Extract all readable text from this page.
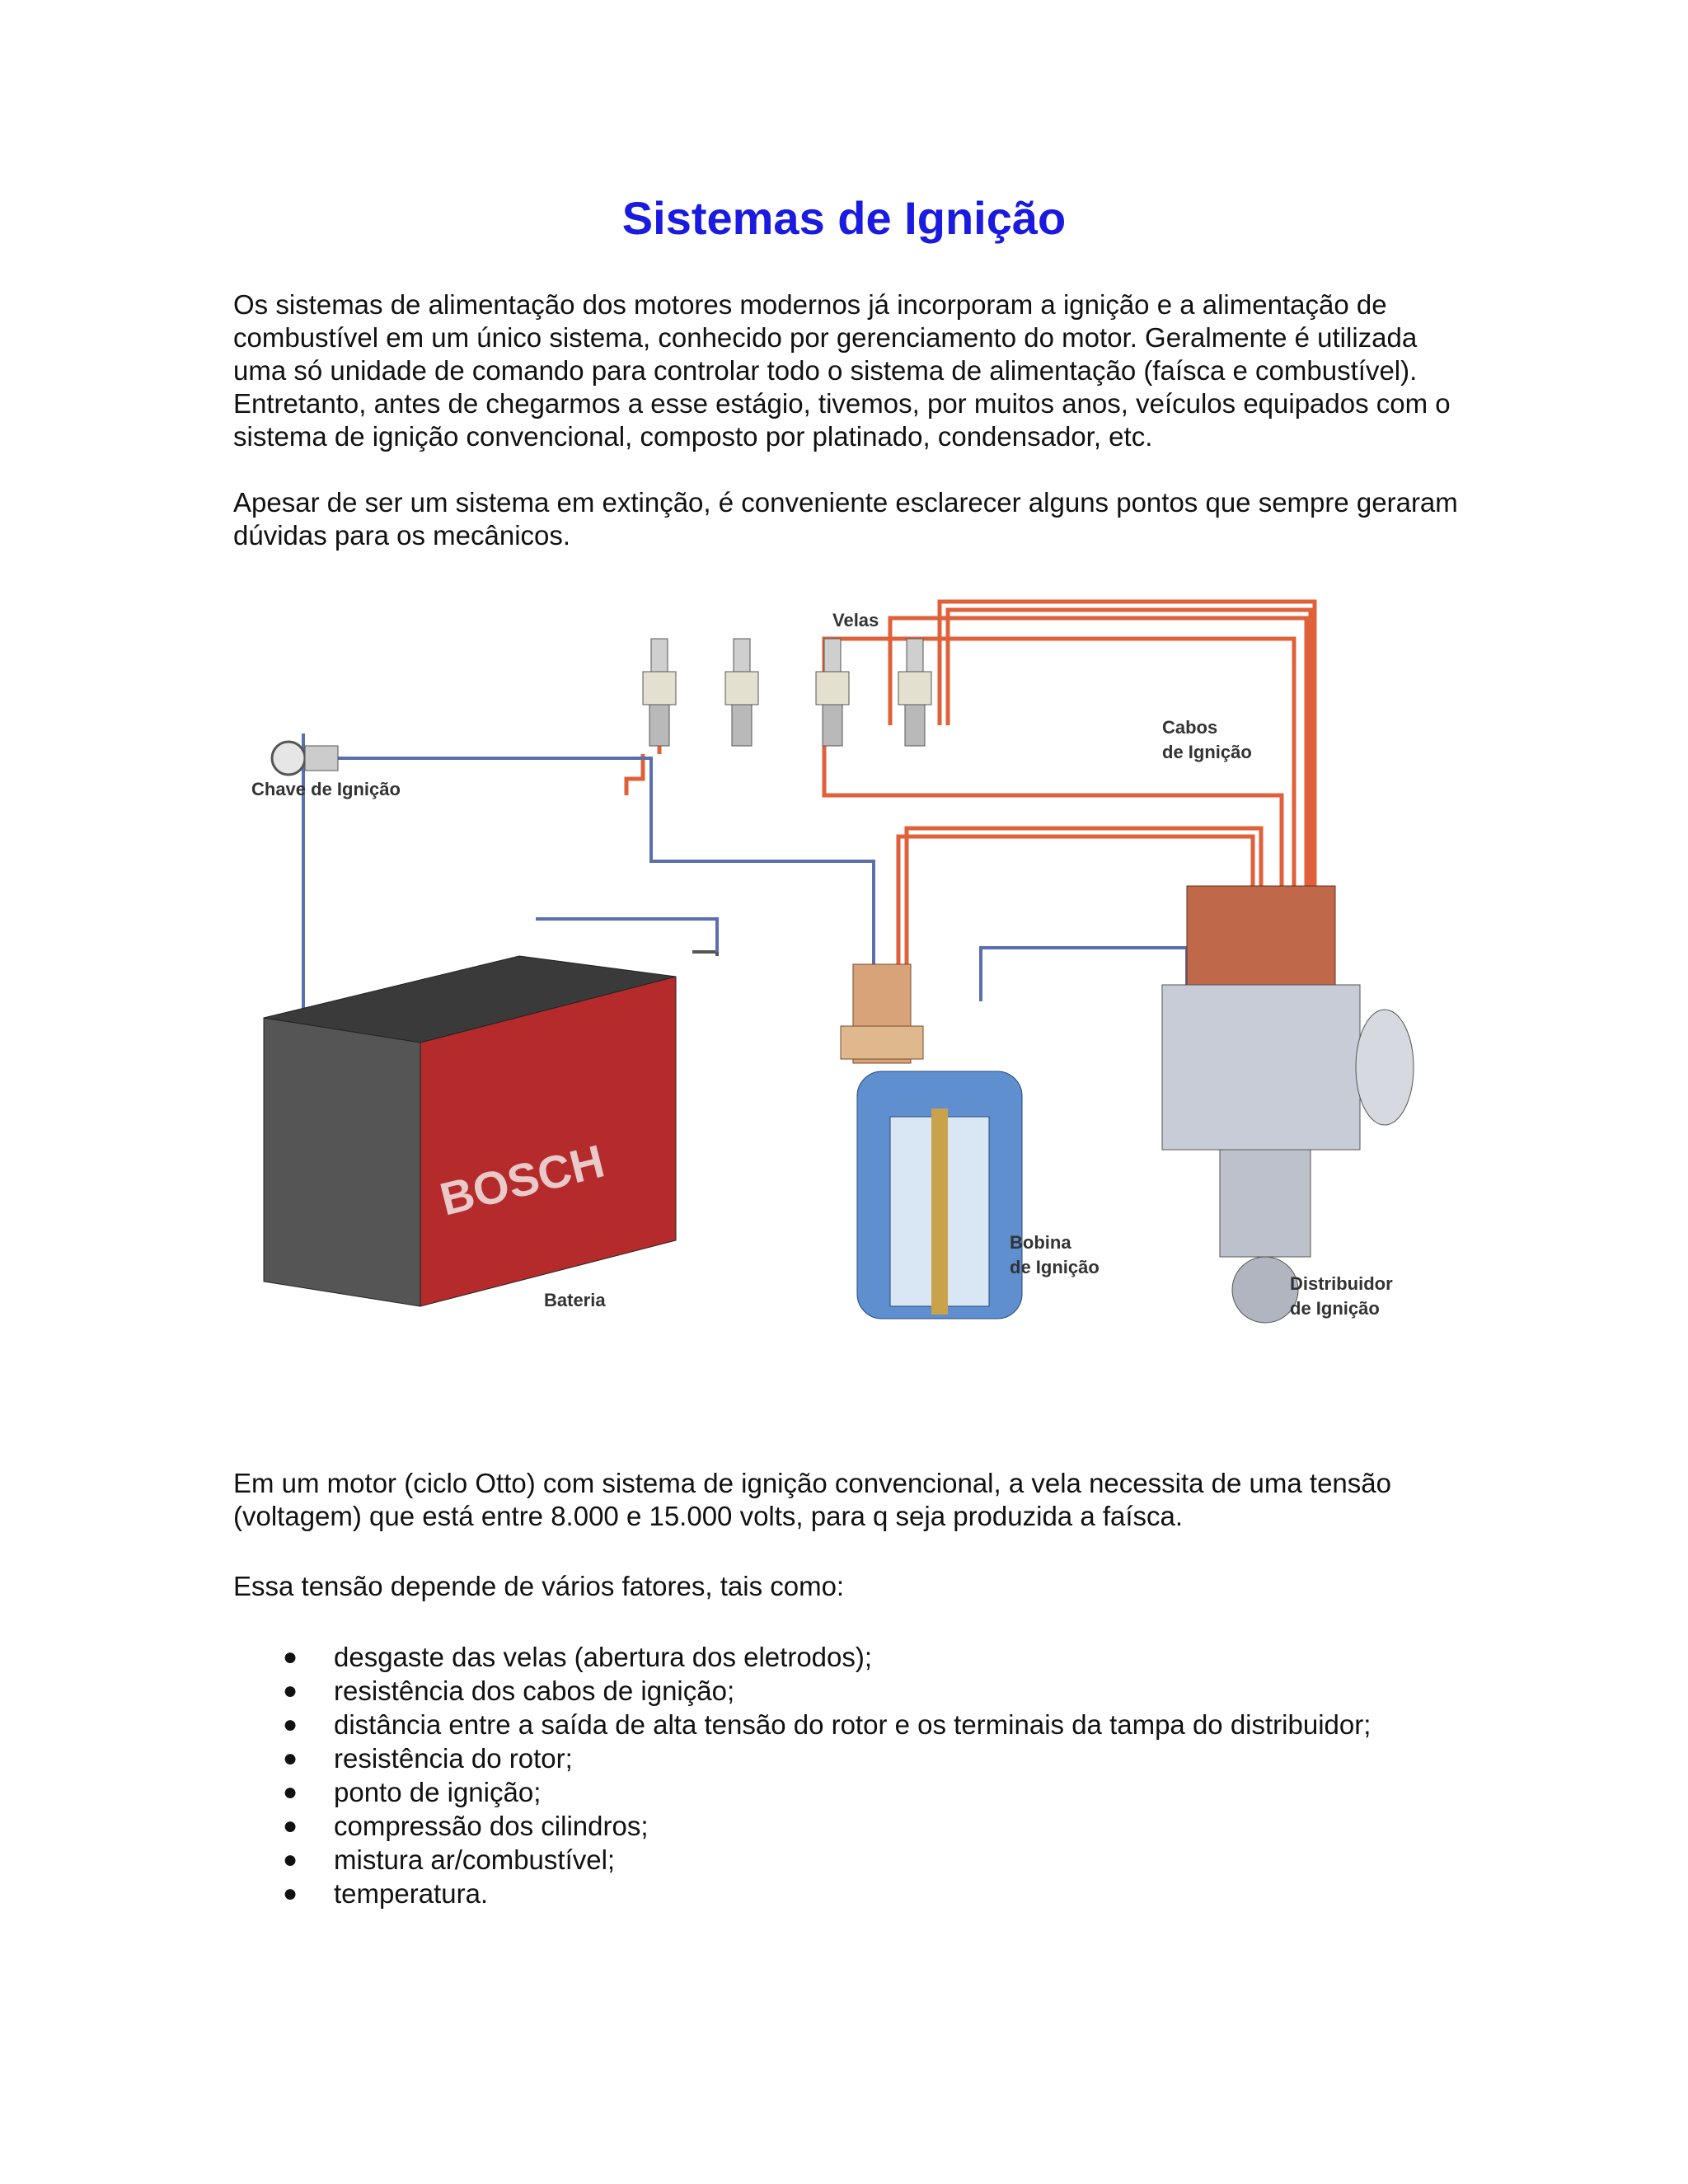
Sistemas de Ignição

Os sistemas de alimentação dos motores modernos já incorporam a ignição e a alimentação de combustível em um único sistema, conhecido por gerenciamento do motor. Geralmente é utilizada uma só unidade de comando para controlar todo o sistema de alimentação (faísca e combustível). Entretanto, antes de chegarmos a esse estágio, tivemos, por muitos anos, veículos equipados com o sistema de ignição convencional, composto por platinado, condensador, etc.

Apesar de ser um sistema em extinção, é conveniente esclarecer alguns pontos que sempre geraram dúvidas para os mecânicos.

BOSCH
Velas
Cabos
de Ignição
Chave de Ignição
Bateria
Bobina
de Ignição
Distribuidor
de Ignição

Em um motor (ciclo Otto) com sistema de ignição convencional, a vela necessita de uma tensão (voltagem) que está entre 8.000 e 15.000 volts, para q seja produzida a faísca.

Essa tensão depende de vários fatores, tais como:

● desgaste das velas (abertura dos eletrodos);
● resistência dos cabos de ignição;
● distância entre a saída de alta tensão do rotor e os terminais da tampa do distribuidor;
● resistência do rotor;
● ponto de ignição;
● compressão dos cilindros;
● mistura ar/combustível;
● temperatura.
